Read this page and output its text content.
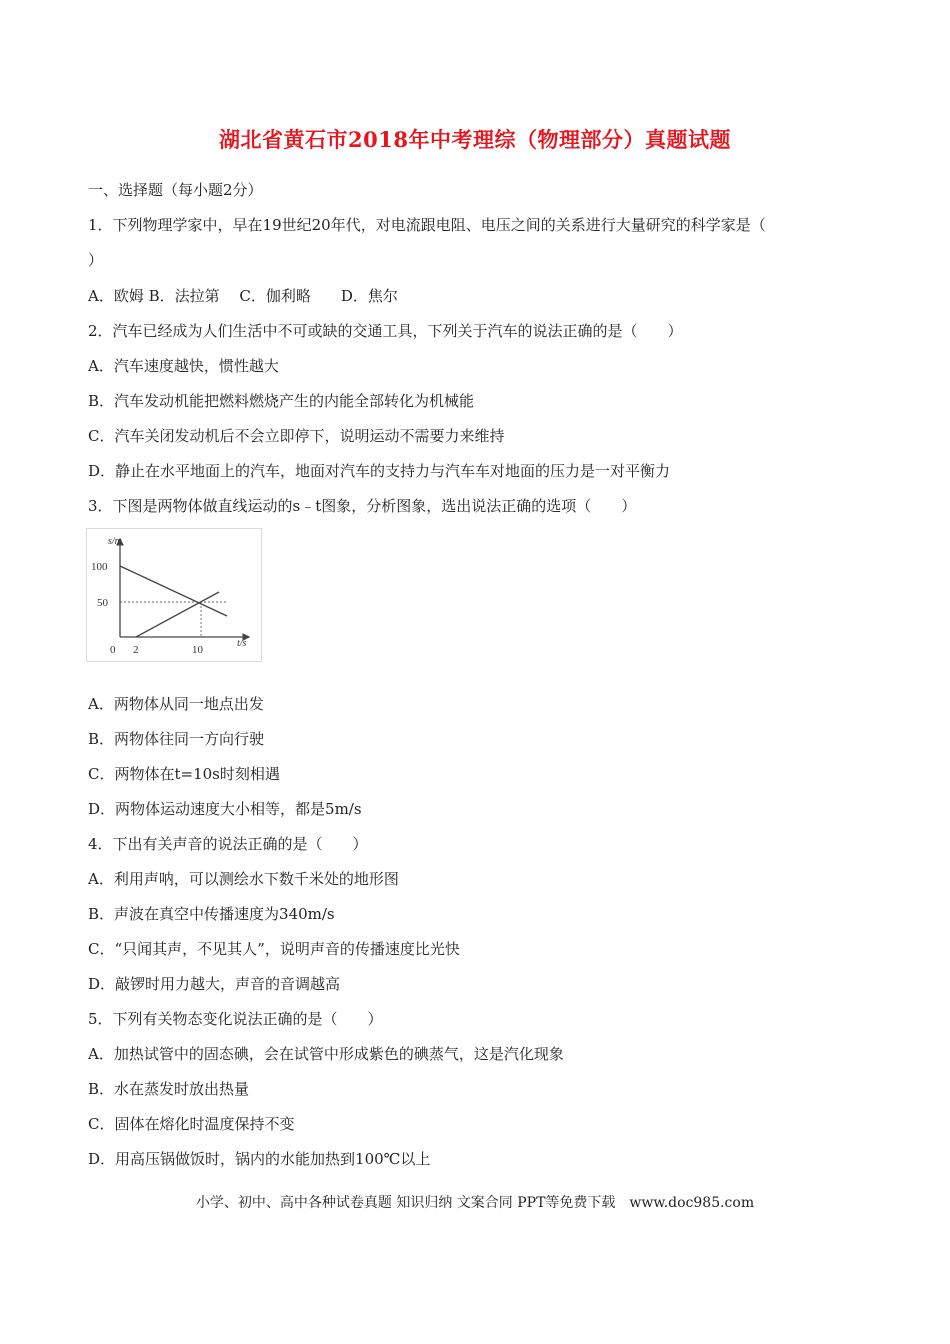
湖北省黄石市2018年中考理综（物理部分）真题试题
一、选择题（每小题2分）
1．下列物理学家中，早在19世纪20年代，对电流跟电阻、电压之间的关系进行大量研究的科学家是（
）
A．欧姆 B．法拉第　 C．伽利略　　D．焦尔
2．汽车已经成为人们生活中不可或缺的交通工具，下列关于汽车的说法正确的是（　　）
A．汽车速度越快，惯性越大
B．汽车发动机能把燃料燃烧产生的内能全部转化为机械能
C．汽车关闭发动机后不会立即停下，说明运动不需要力来维持
D．静止在水平地面上的汽车，地面对汽车的支持力与汽车车对地面的压力是一对平衡力
3．下图是两物体做直线运动的s﹣t图象，分析图象，选出说法正确的选项（　　）
s/m
t/s
100
50
0 2	10
A．两物体从同一地点出发
B．两物体往同一方向行驶
C．两物体在t=10s时刻相遇
D．两物体运动速度大小相等，都是5m/s
4．下出有关声音的说法正确的是（　　）
A．利用声呐，可以测绘水下数千米处的地形图
B．声波在真空中传播速度为340m/s
C．“只闻其声，不见其人”，说明声音的传播速度比光快
D．敲锣时用力越大，声音的音调越高
5．下列有关物态变化说法正确的是（　　）
A．加热试管中的固态碘，会在试管中形成紫色的碘蒸气，这是汽化现象
B．水在蒸发时放出热量
C．固体在熔化时温度保持不变
D．用高压锅做饭时，锅内的水能加热到100℃以上
小学、初中、高中各种试卷真题 知识归纳 文案合同 PPT等免费下载　www.doc985.com
